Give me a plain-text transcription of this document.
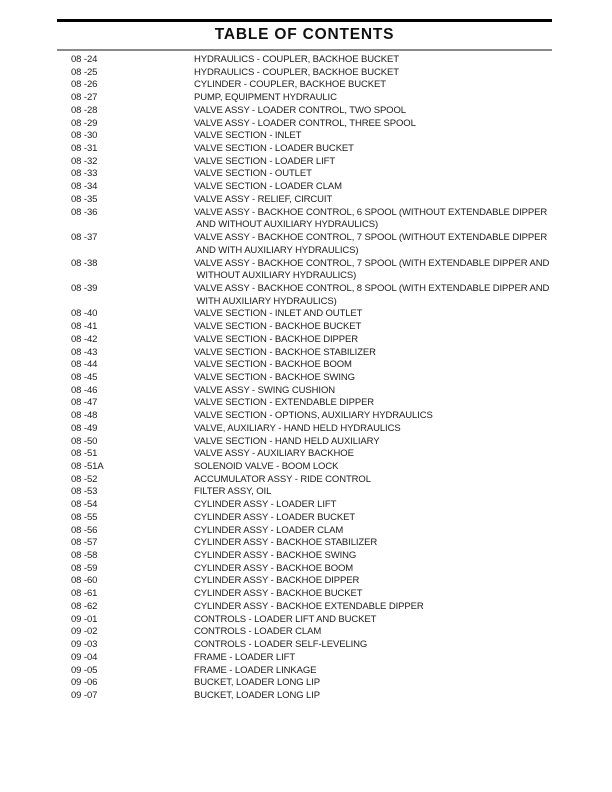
TABLE OF CONTENTS
08 -24	HYDRAULICS - COUPLER, BACKHOE BUCKET
08 -25	HYDRAULICS - COUPLER, BACKHOE BUCKET
08 -26	CYLINDER - COUPLER, BACKHOE BUCKET
08 -27	PUMP, EQUIPMENT HYDRAULIC
08 -28	VALVE ASSY - LOADER CONTROL, TWO SPOOL
08 -29	VALVE ASSY - LOADER CONTROL, THREE SPOOL
08 -30	VALVE SECTION - INLET
08 -31	VALVE SECTION - LOADER BUCKET
08 -32	VALVE SECTION - LOADER LIFT
08 -33	VALVE SECTION - OUTLET
08 -34	VALVE SECTION - LOADER CLAM
08 -35	VALVE ASSY - RELIEF, CIRCUIT
08 -36	VALVE ASSY - BACKHOE CONTROL, 6 SPOOL (WITHOUT EXTENDABLE DIPPER
AND WITHOUT AUXILIARY HYDRAULICS)
08 -37	VALVE ASSY - BACKHOE CONTROL, 7 SPOOL (WITHOUT EXTENDABLE DIPPER
AND WITH AUXILIARY HYDRAULICS)
08 -38	VALVE ASSY - BACKHOE CONTROL, 7 SPOOL (WITH EXTENDABLE DIPPER AND
WITHOUT AUXILIARY HYDRAULICS)
08 -39	VALVE ASSY - BACKHOE CONTROL, 8 SPOOL (WITH EXTENDABLE DIPPER AND
WITH AUXILIARY HYDRAULICS)
08 -40	VALVE SECTION - INLET AND OUTLET
08 -41	VALVE SECTION - BACKHOE BUCKET
08 -42	VALVE SECTION - BACKHOE DIPPER
08 -43	VALVE SECTION - BACKHOE STABILIZER
08 -44	VALVE SECTION - BACKHOE BOOM
08 -45	VALVE SECTION - BACKHOE SWING
08 -46	VALVE ASSY - SWING CUSHION
08 -47	VALVE SECTION - EXTENDABLE DIPPER
08 -48	VALVE SECTION - OPTIONS, AUXILIARY HYDRAULICS
08 -49	VALVE, AUXILIARY - HAND HELD HYDRAULICS
08 -50	VALVE SECTION - HAND HELD AUXILIARY
08 -51	VALVE ASSY - AUXILIARY BACKHOE
08 -51A	SOLENOID VALVE - BOOM LOCK
08 -52	ACCUMULATOR ASSY - RIDE CONTROL
08 -53	FILTER ASSY, OIL
08 -54	CYLINDER ASSY - LOADER LIFT
08 -55	CYLINDER ASSY - LOADER BUCKET
08 -56	CYLINDER ASSY - LOADER CLAM
08 -57	CYLINDER ASSY - BACKHOE STABILIZER
08 -58	CYLINDER ASSY - BACKHOE SWING
08 -59	CYLINDER ASSY - BACKHOE BOOM
08 -60	CYLINDER ASSY - BACKHOE DIPPER
08 -61	CYLINDER ASSY - BACKHOE BUCKET
08 -62	CYLINDER ASSY - BACKHOE EXTENDABLE DIPPER
09 -01	CONTROLS - LOADER LIFT AND BUCKET
09 -02	CONTROLS - LOADER CLAM
09 -03	CONTROLS - LOADER SELF-LEVELING
09 -04	FRAME - LOADER LIFT
09 -05	FRAME - LOADER LINKAGE
09 -06	BUCKET, LOADER LONG LIP
09 -07	BUCKET, LOADER LONG LIP
